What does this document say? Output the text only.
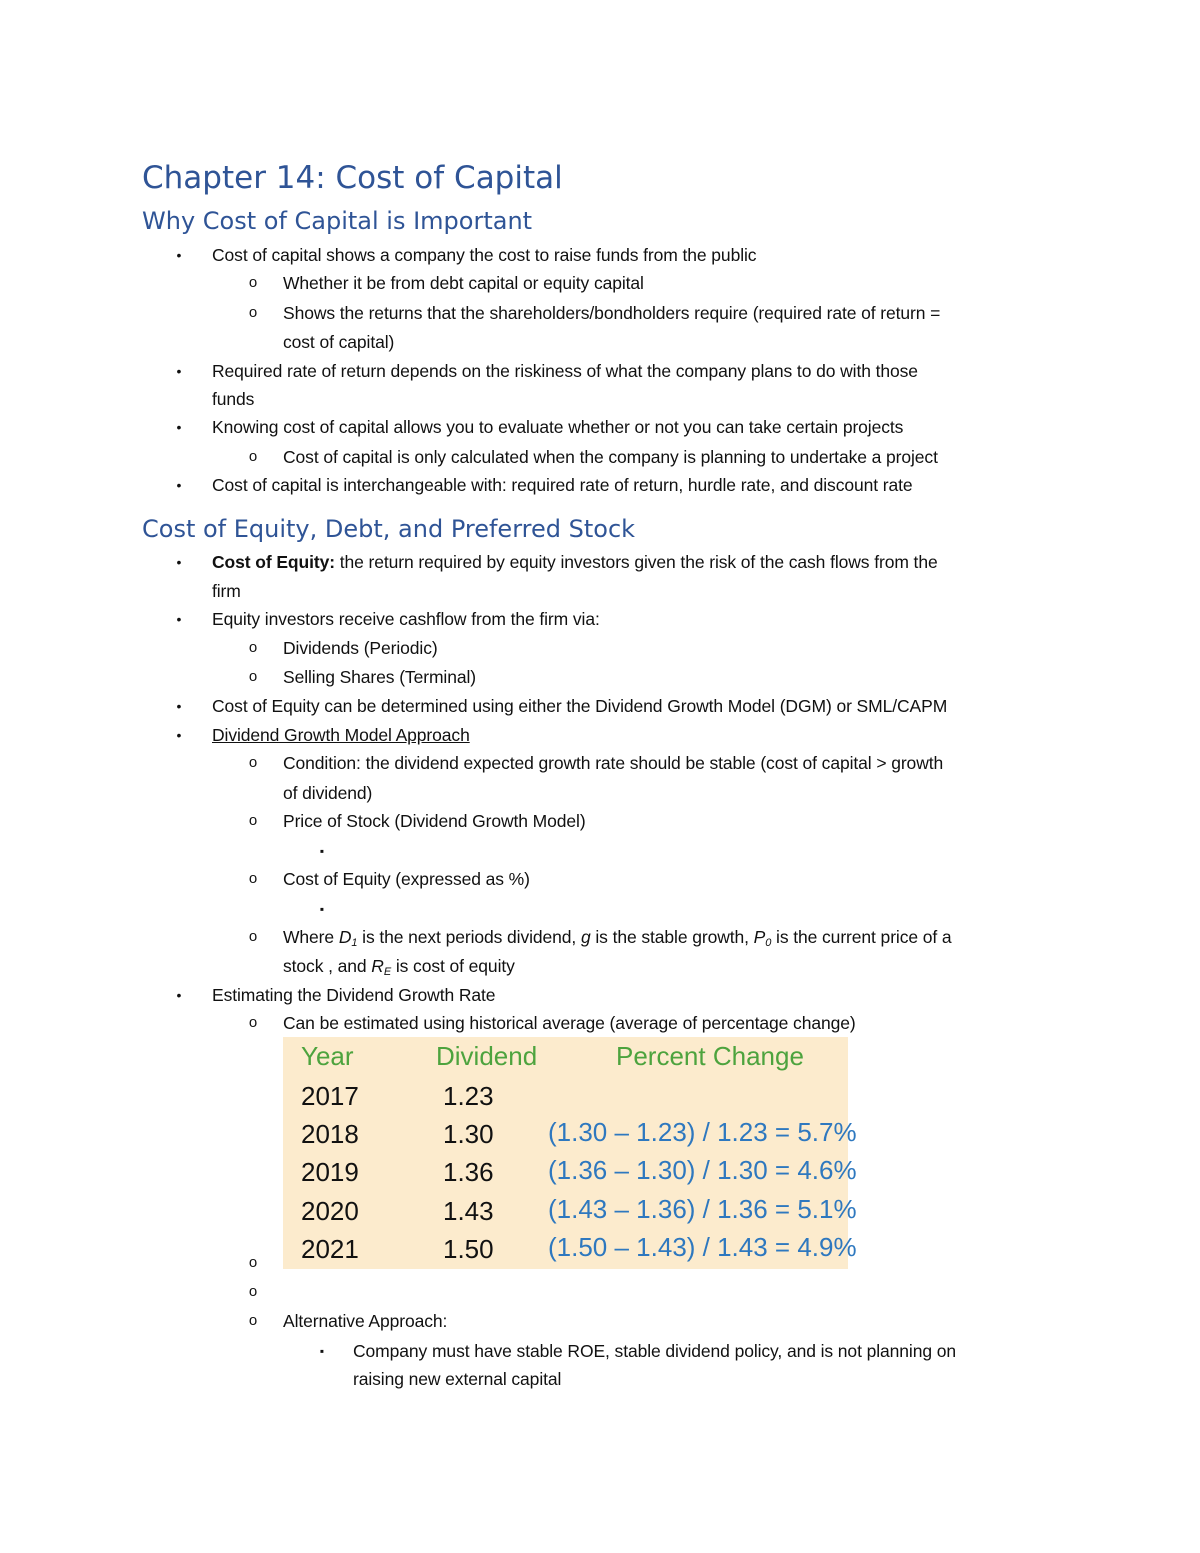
Chapter 14: Cost of Capital
Why Cost of Capital is Important
• Cost of capital shows a company the cost to raise funds from the public
o Whether it be from debt capital or equity capital
o Shows the returns that the shareholders/bondholders require (required rate of return =
cost of capital)
• Required rate of return depends on the riskiness of what the company plans to do with those
funds
• Knowing cost of capital allows you to evaluate whether or not you can take certain projects
o Cost of capital is only calculated when the company is planning to undertake a project
• Cost of capital is interchangeable with: required rate of return, hurdle rate, and discount rate
Cost of Equity, Debt, and Preferred Stock
• Cost of Equity: the return required by equity investors given the risk of the cash flows from the
firm
• Equity investors receive cashflow from the firm via:
o Dividends (Periodic)
o Selling Shares (Terminal)
• Cost of Equity can be determined using either the Dividend Growth Model (DGM) or SML/CAPM
• Dividend Growth Model Approach
o Condition: the dividend expected growth rate should be stable (cost of capital > growth
of dividend)
o Price of Stock (Dividend Growth Model)
▪
o Cost of Equity (expressed as %)
▪
o Where $D_1$ is the next periods dividend, g is the stable growth, $P_0$ is the current price of a
stock , and $R_E$ is cost of equity
• Estimating the Dividend Growth Rate
o Can be estimated using historical average (average of percentage change)
Year	Dividend	Percent Change
2017	1.23
2018	1.30 (1.30 – 1.23) / 1.23 = 5.7%
2019	1.36 (1.36 – 1.30) / 1.30 = 4.6%
2020	1.43 (1.43 – 1.36) / 1.36 = 5.1%
2021	1.50 (1.50 – 1.43) / 1.43 = 4.9%
o
o
o Alternative Approach:
▪ Company must have stable ROE, stable dividend policy, and is not planning on
raising new external capital
